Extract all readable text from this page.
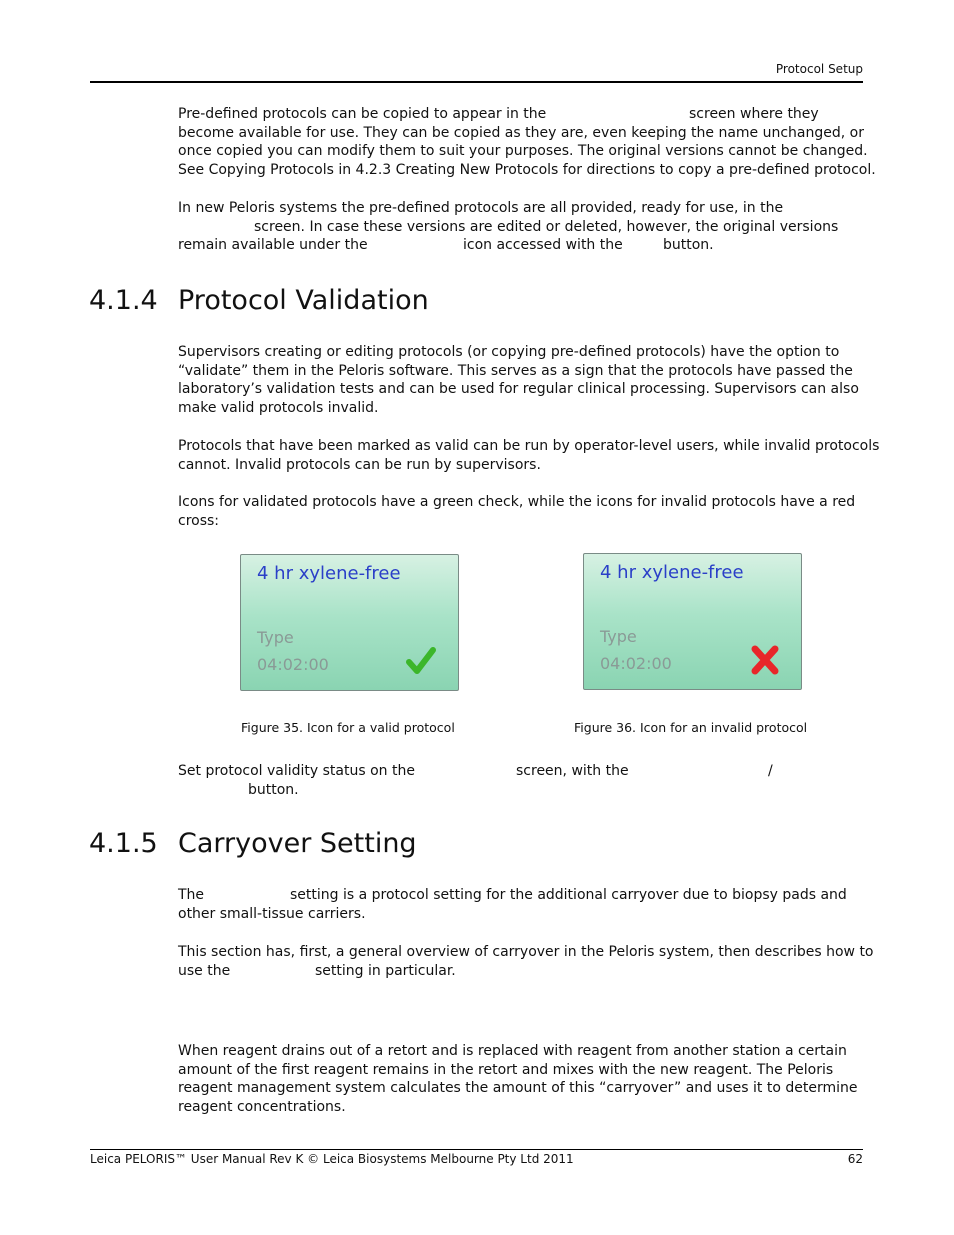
Protocol Setup
Pre-defined protocols can be copied to appear in the	screen where they
become available for use. They can be copied as they are, even keeping the name unchanged, or
once copied you can modify them to suit your purposes. The original versions cannot be changed.
See Copying Protocols in 4.2.3 Creating New Protocols for directions to copy a pre-defined protocol.
In new Peloris systems the pre-defined protocols are all provided, ready for use, in the
screen. In case these versions are edited or deleted, however, the original versions
remain available under the	icon accessed with the	button.
4.1.4 Protocol Validation
Supervisors creating or editing protocols (or copying pre-defined protocols) have the option to
“validate” them in the Peloris software. This serves as a sign that the protocols have passed the
laboratory’s validation tests and can be used for regular clinical processing. Supervisors can also
make valid protocols invalid.
Protocols that have been marked as valid can be run by operator-level users, while invalid protocols
cannot. Invalid protocols can be run by supervisors.
Icons for validated protocols have a green check, while the icons for invalid protocols have a red
cross:
4 hr xylene-free
Type
04:02:00
4 hr xylene-free
Type
04:02:00
Figure 35. Icon for a valid protocol	Figure 36. Icon for an invalid protocol
Set protocol validity status on the	screen, with the	/
button.
4.1.5 Carryover Setting
The	setting is a protocol setting for the additional carryover due to biopsy pads and
other small-tissue carriers.
This section has, first, a general overview of carryover in the Peloris system, then describes how to
use the	setting in particular.
When reagent drains out of a retort and is replaced with reagent from another station a certain
amount of the first reagent remains in the retort and mixes with the new reagent. The Peloris
reagent management system calculates the amount of this “carryover” and uses it to determine
reagent concentrations.
Leica PELORIS™ User Manual Rev K © Leica Biosystems Melbourne Pty Ltd 2011	62
